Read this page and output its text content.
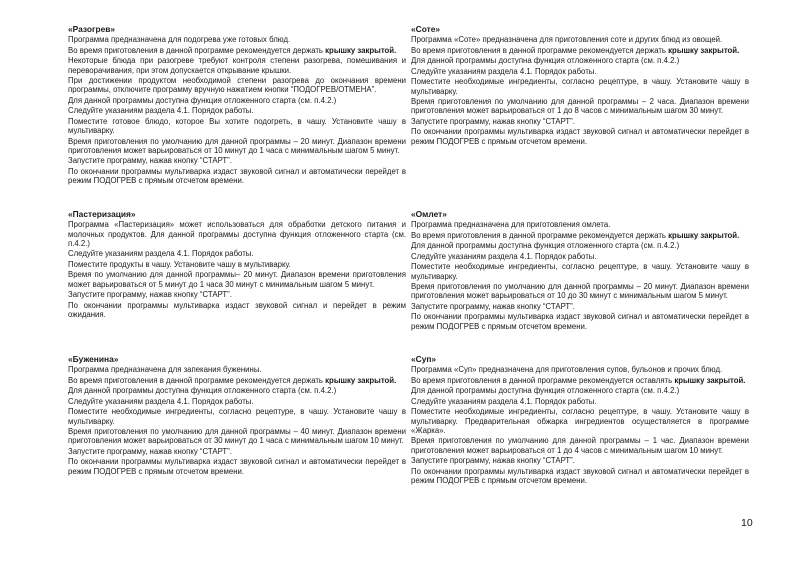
«Разогрев»
Программа предназначена для подогрева уже готовых блюд.
Во время приготовления в данной программе рекомендуется держать крышку закрытой.
Некоторые блюда при разогреве требуют контроля степени разогрева, помешивания и переворачивания, при этом допускается открывание крышки.
При достижении продуктом необходимой степени разогрева до окончания времени программы, отключите программу вручную нажатием кнопки “ПОДОГРЕВ/ОТМЕНА”.
Для данной программы доступна функция отложенного старта (см. п.4.2.)
Следуйте указаниям раздела 4.1. Порядок работы.
Поместите готовое блюдо, которое Вы хотите подогреть, в чашу. Установите чашу в мультиварку.
Время приготовления по умолчанию для данной программы – 20 минут. Диапазон времени приготовления может варьироваться от 10 минут до 1 часа с минимальным шагом 5 минут.
Запустите программу, нажав кнопку “СТАРТ”.
По окончании программы мультиварка издаст звуковой сигнал и автоматически перейдет в режим ПОДОГРЕВ с прямым отсчетом времени.
«Пастеризация»
Программа «Пастеризация» может использоваться для обработки детского питания и молочных продуктов. Для данной программы доступна функция отложенного старта (см. п.4.2.)
Следуйте указаниям раздела 4.1. Порядок работы.
Поместите продукты в чашу. Установите чашу в мультиварку.
Время по умолчанию для данной программы– 20 минут. Диапазон времени приготовления может варьироваться от 5 минут до 1 часа 30 минут с минимальным шагом 5 минут.
Запустите программу, нажав кнопку “СТАРТ”.
По окончании программы мультиварка издаст звуковой сигнал и перейдет в режим ожидания.
«Буженина»
Программа предназначена для запекания буженины.
Во время приготовления в данной программе рекомендуется держать крышку закрытой.
Для данной программы доступна функция отложенного старта (см. п.4.2.)
Следуйте указаниям раздела 4.1. Порядок работы.
Поместите необходимые ингредиенты, согласно рецептуре, в чашу. Установите чашу в мультиварку.
Время приготовления по умолчанию для данной программы – 40 минут. Диапазон времени приготовления может варьироваться от 30 минут до 1 часа с минимальным шагом 10 минут.
Запустите программу, нажав кнопку “СТАРТ”.
По окончании программы мультиварка издаст звуковой сигнал и автоматически перейдет в режим ПОДОГРЕВ с прямым отсчетом времени.
«Соте»
Программа «Соте» предназначена для приготовления соте и других блюд из овощей.
Во время приготовления в данной программе рекомендуется держать крышку закрытой.
Для данной программы доступна функция отложенного старта (см. п.4.2.)
Следуйте указаниям раздела 4.1. Порядок работы.
Поместите необходимые ингредиенты, согласно рецептуре, в чашу. Установите чашу в мультиварку.
Время приготовления по умолчанию для данной программы – 2 часа. Диапазон времени приготовления может варьироваться от 1 до 8 часов с минимальным шагом 30 минут.
Запустите программу, нажав кнопку “СТАРТ”.
По окончании программы мультиварка издаст звуковой сигнал и автоматически перейдет в режим ПОДОГРЕВ с прямым отсчетом времени.
«Омлет»
Программа предназначена для приготовления омлета.
Во время приготовления в данной программе рекомендуется держать крышку закрытой.
Для данной программы доступна функция отложенного старта (см. п.4.2.)
Следуйте указаниям раздела 4.1. Порядок работы.
Поместите необходимые ингредиенты, согласно рецептуре, в чашу. Установите чашу в мультиварку.
Время приготовления по умолчанию для данной программы – 20 минут. Диапазон времени приготовления может варьироваться от 10 до 30 минут с минимальным шагом 5 минут.
Запустите программу, нажав кнопку “СТАРТ”.
По окончании программы мультиварка издаст звуковой сигнал и автоматически перейдет в режим ПОДОГРЕВ с прямым отсчетом времени.
«Суп»
Программа «Суп» предназначена для приготовления супов, бульонов и прочих блюд.
Во время приготовления в данной программе рекомендуется оставлять крышку закрытой.
Для данной программы доступна функция отложенного старта (см. п.4.2.)
Следуйте указаниям раздела 4.1. Порядок работы.
Поместите необходимые ингредиенты, согласно рецептуре, в чашу. Установите чашу в мультиварку. Предварительная обжарка ингредиентов осуществляется в программе «Жарка».
Время приготовления по умолчанию для данной программы – 1 час. Диапазон времени приготовления может варьироваться от 1 до 4 часов с минимальным шагом 10 минут.
Запустите программу, нажав кнопку “СТАРТ”.
По окончании программы мультиварка издаст звуковой сигнал и автоматически перейдет в режим ПОДОГРЕВ с прямым отсчетом времени.
10
